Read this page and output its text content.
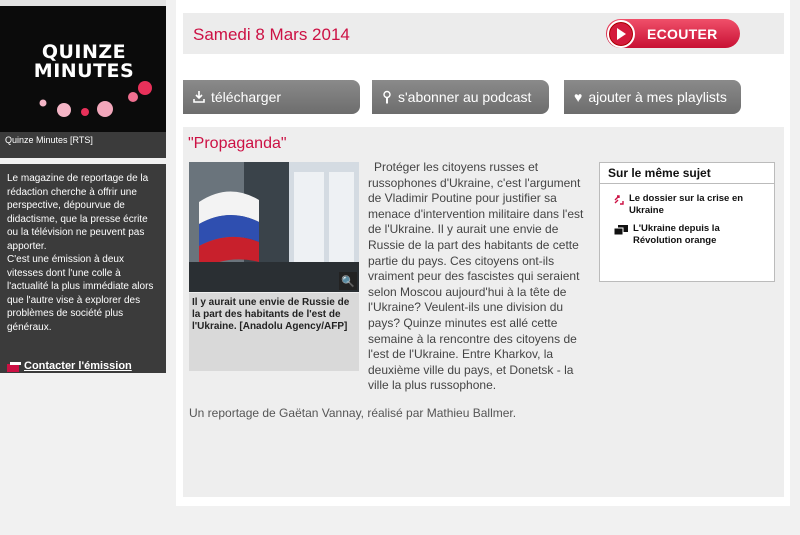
QUINZE
MINUTES
Quinze Minutes [RTS]
Le magazine de reportage de la rédaction cherche à offrir une perspective, dépourvue de didactisme, que la presse écrite ou la télévision ne peuvent pas apporter.
C'est une émission à deux vitesses dont l'une colle à l'actualité la plus immédiate alors que l'autre vise à explorer des problèmes de société plus généraux.
Contacter l'émission
Samedi 8 Mars 2014	ECOUTER
télécharger	s'abonner au podcast	♥ ajouter à mes playlists
"Propaganda"
🔍
Il y aurait une envie de Russie de la part des habitants de l'est de l'Ukraine. [Anadolu Agency/AFP]
Protéger les citoyens russes et russophones d'Ukraine, c'est l'argument de Vladimir Poutine pour justifier sa menace d'intervention militaire dans l'est de l'Ukraine. Il y aurait une envie de Russie de la part des habitants de cette partie du pays. Ces citoyens ont-ils vraiment peur des fascistes qui seraient selon Moscou aujourd'hui à la tête de l'Ukraine? Veulent-ils une division du pays? Quinze minutes est allé cette semaine à la rencontre des citoyens de l'est de l'Ukraine. Entre Kharkov, la deuxième ville du pays, et Donetsk - la ville la plus russophone.
Un reportage de Gaëtan Vannay, réalisé par Mathieu Ballmer.
Sur le même sujet
Le dossier sur la crise en Ukraine
L'Ukraine depuis la Révolution orange
